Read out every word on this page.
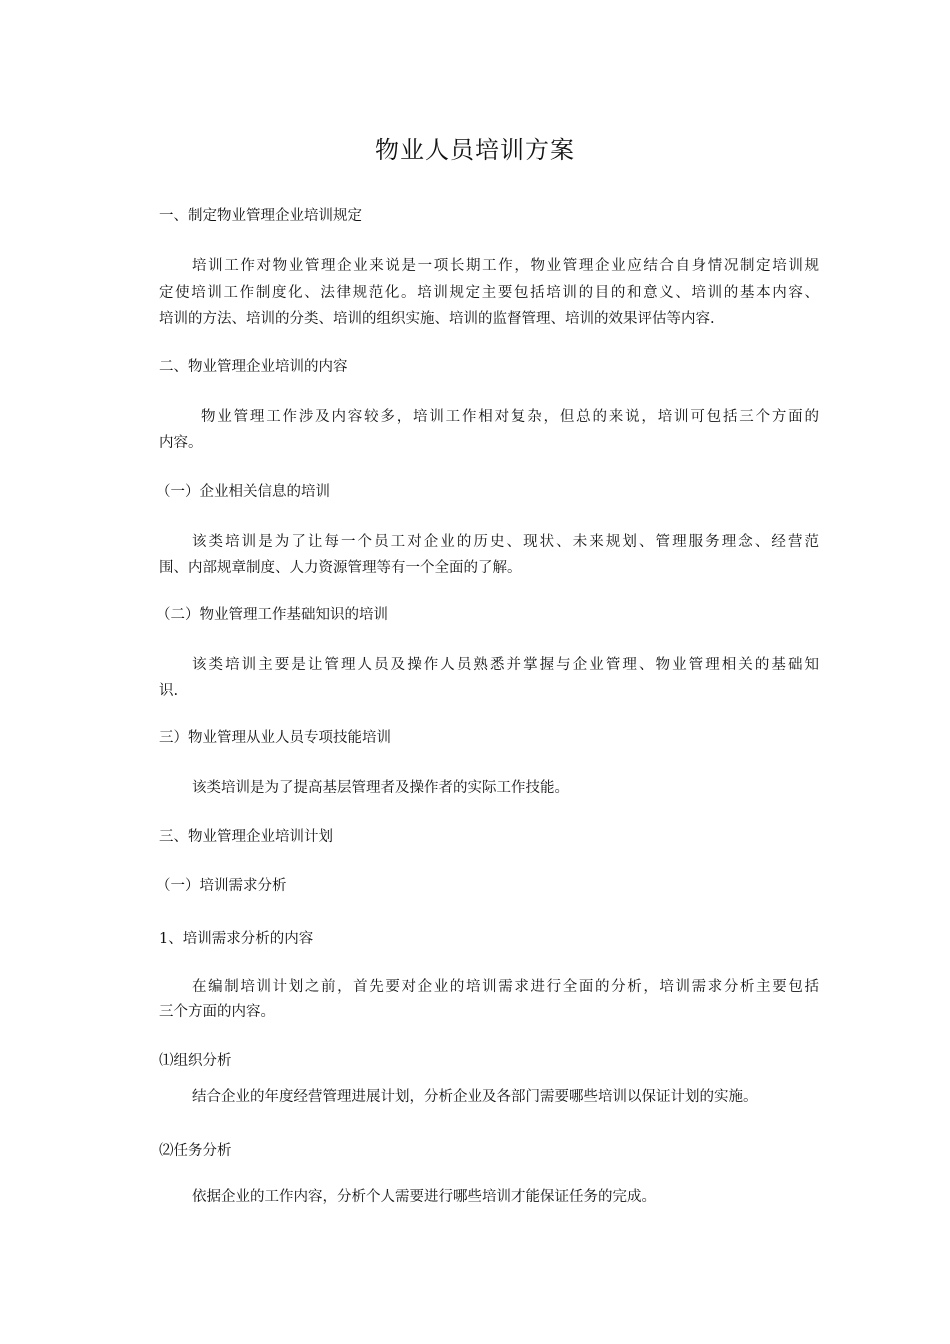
物业人员培训方案
一、制定物业管理企业培训规定
培训工作对物业管理企业来说是一项长期工作，物业管理企业应结合自身情况制定培训规
定使培训工作制度化、法律规范化。培训规定主要包括培训的目的和意义、培训的基本内容、
培训的方法、培训的分类、培训的组织实施、培训的监督管理、培训的效果评估等内容.
二、物业管理企业培训的内容
物业管理工作涉及内容较多，培训工作相对复杂，但总的来说，培训可包括三个方面的
内容。
（一）企业相关信息的培训
该类培训是为了让每一个员工对企业的历史、现状、未来规划、管理服务理念、经营范
围、内部规章制度、人力资源管理等有一个全面的了解。
（二）物业管理工作基础知识的培训
该类培训主要是让管理人员及操作人员熟悉并掌握与企业管理、物业管理相关的基础知
识.
三）物业管理从业人员专项技能培训
该类培训是为了提高基层管理者及操作者的实际工作技能。
三、物业管理企业培训计划
（一）培训需求分析
1、培训需求分析的内容
在编制培训计划之前，首先要对企业的培训需求进行全面的分析，培训需求分析主要包括
三个方面的内容。
⑴组织分析
结合企业的年度经营管理进展计划，分析企业及各部门需要哪些培训以保证计划的实施。
⑵任务分析
依据企业的工作内容，分析个人需要进行哪些培训才能保证任务的完成。
